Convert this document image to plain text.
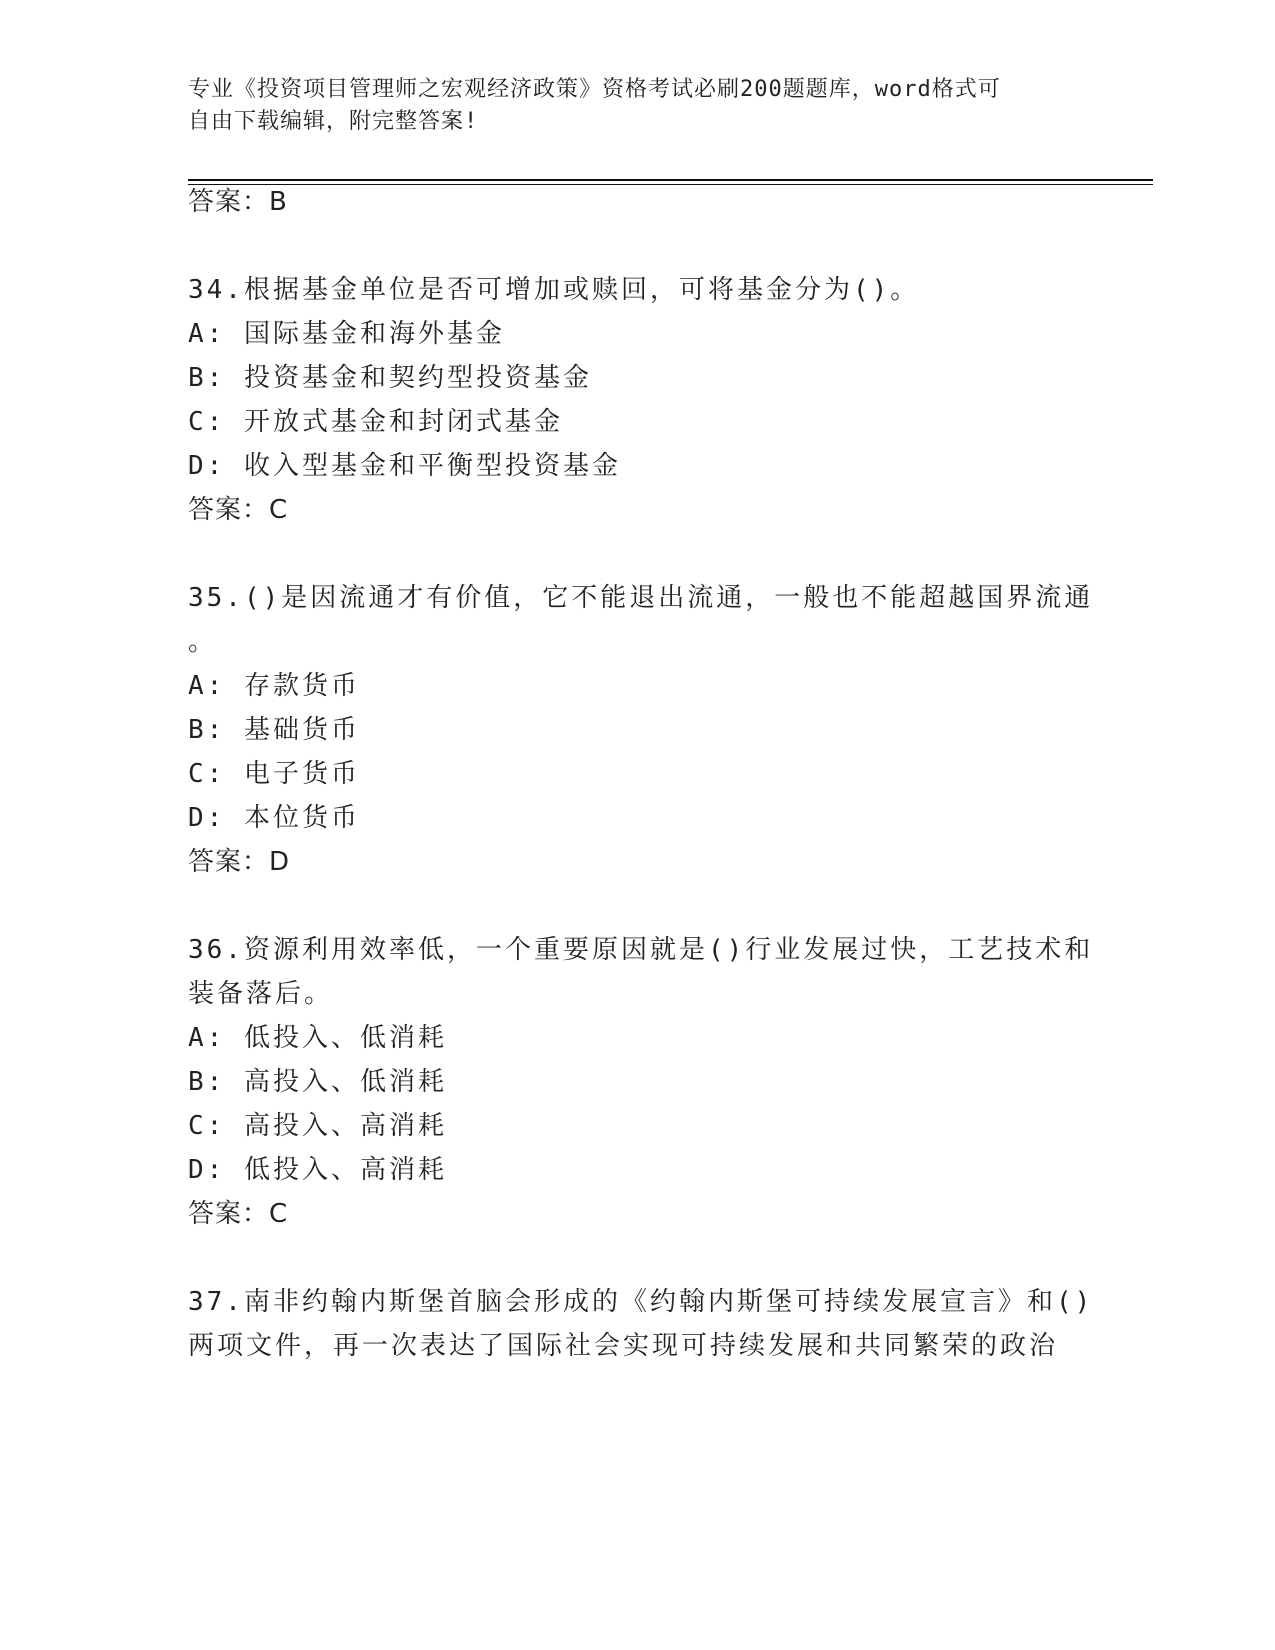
专业《投资项目管理师之宏观经济政策》资格考试必刷200题题库，word格式可
自由下载编辑，附完整答案!
答案：B
34.根据基金单位是否可增加或赎回，可将基金分为()。
A: 国际基金和海外基金
B: 投资基金和契约型投资基金
C: 开放式基金和封闭式基金
D: 收入型基金和平衡型投资基金
答案：C
35.()是因流通才有价值，它不能退出流通，一般也不能超越国界流通
。
A: 存款货币
B: 基础货币
C: 电子货币
D: 本位货币
答案：D
36.资源利用效率低，一个重要原因就是()行业发展过快，工艺技术和
装备落后。
A: 低投入、低消耗
B: 高投入、低消耗
C: 高投入、高消耗
D: 低投入、高消耗
答案：C
37.南非约翰内斯堡首脑会形成的《约翰内斯堡可持续发展宣言》和()
两项文件，再一次表达了国际社会实现可持续发展和共同繁荣的政治
